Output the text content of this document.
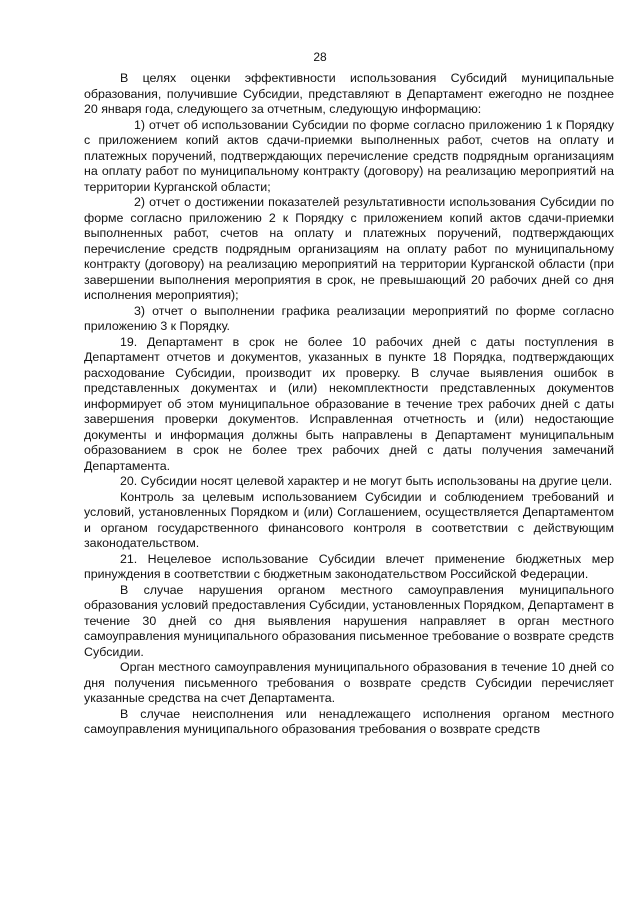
28

В целях оценки эффективности использования Субсидий муниципальные образования, получившие Субсидии, представляют в Департамент ежегодно не позднее 20 января года, следующего за отчетным, следующую информацию:

1) отчет об использовании Субсидии по форме согласно приложению 1 к Порядку с приложением копий актов сдачи-приемки выполненных работ, счетов на оплату и платежных поручений, подтверждающих перечисление средств подрядным организациям на оплату работ по муниципальному контракту (договору) на реализацию мероприятий на территории Курганской области;

2) отчет о достижении показателей результативности использования Субсидии по форме согласно приложению 2 к Порядку с приложением копий актов сдачи-приемки выполненных работ, счетов на оплату и платежных поручений, подтверждающих перечисление средств подрядным организациям на оплату работ по муниципальному контракту (договору) на реализацию мероприятий на территории Курганской области (при завершении выполнения мероприятия в срок, не превышающий 20 рабочих дней со дня исполнения мероприятия);

3) отчет о выполнении графика реализации мероприятий по форме согласно приложению 3 к Порядку.

19. Департамент в срок не более 10 рабочих дней с даты поступления в Департамент отчетов и документов, указанных в пункте 18 Порядка, подтверждающих расходование Субсидии, производит их проверку. В случае выявления ошибок в представленных документах и (или) некомплектности представленных документов информирует об этом муниципальное образование в течение трех рабочих дней с даты завершения проверки документов. Исправленная отчетность и (или) недостающие документы и информация должны быть направлены в Департамент муниципальным образованием в срок не более трех рабочих дней с даты получения замечаний Департамента.

20. Субсидии носят целевой характер и не могут быть использованы на другие цели.

Контроль за целевым использованием Субсидии и соблюдением требований и условий, установленных Порядком и (или) Соглашением, осуществляется Департаментом и органом государственного финансового контроля в соответствии с действующим законодательством.

21. Нецелевое использование Субсидии влечет применение бюджетных мер принуждения в соответствии с бюджетным законодательством Российской Федерации.

В случае нарушения органом местного самоуправления муниципального образования условий предоставления Субсидии, установленных Порядком, Департамент в течение 30 дней со дня выявления нарушения направляет в орган местного самоуправления муниципального образования письменное требование о возврате средств Субсидии.

Орган местного самоуправления муниципального образования в течение 10 дней со дня получения письменного требования о возврате средств Субсидии перечисляет указанные средства на счет Департамента.

В случае неисполнения или ненадлежащего исполнения органом местного самоуправления муниципального образования требования о возврате средств
